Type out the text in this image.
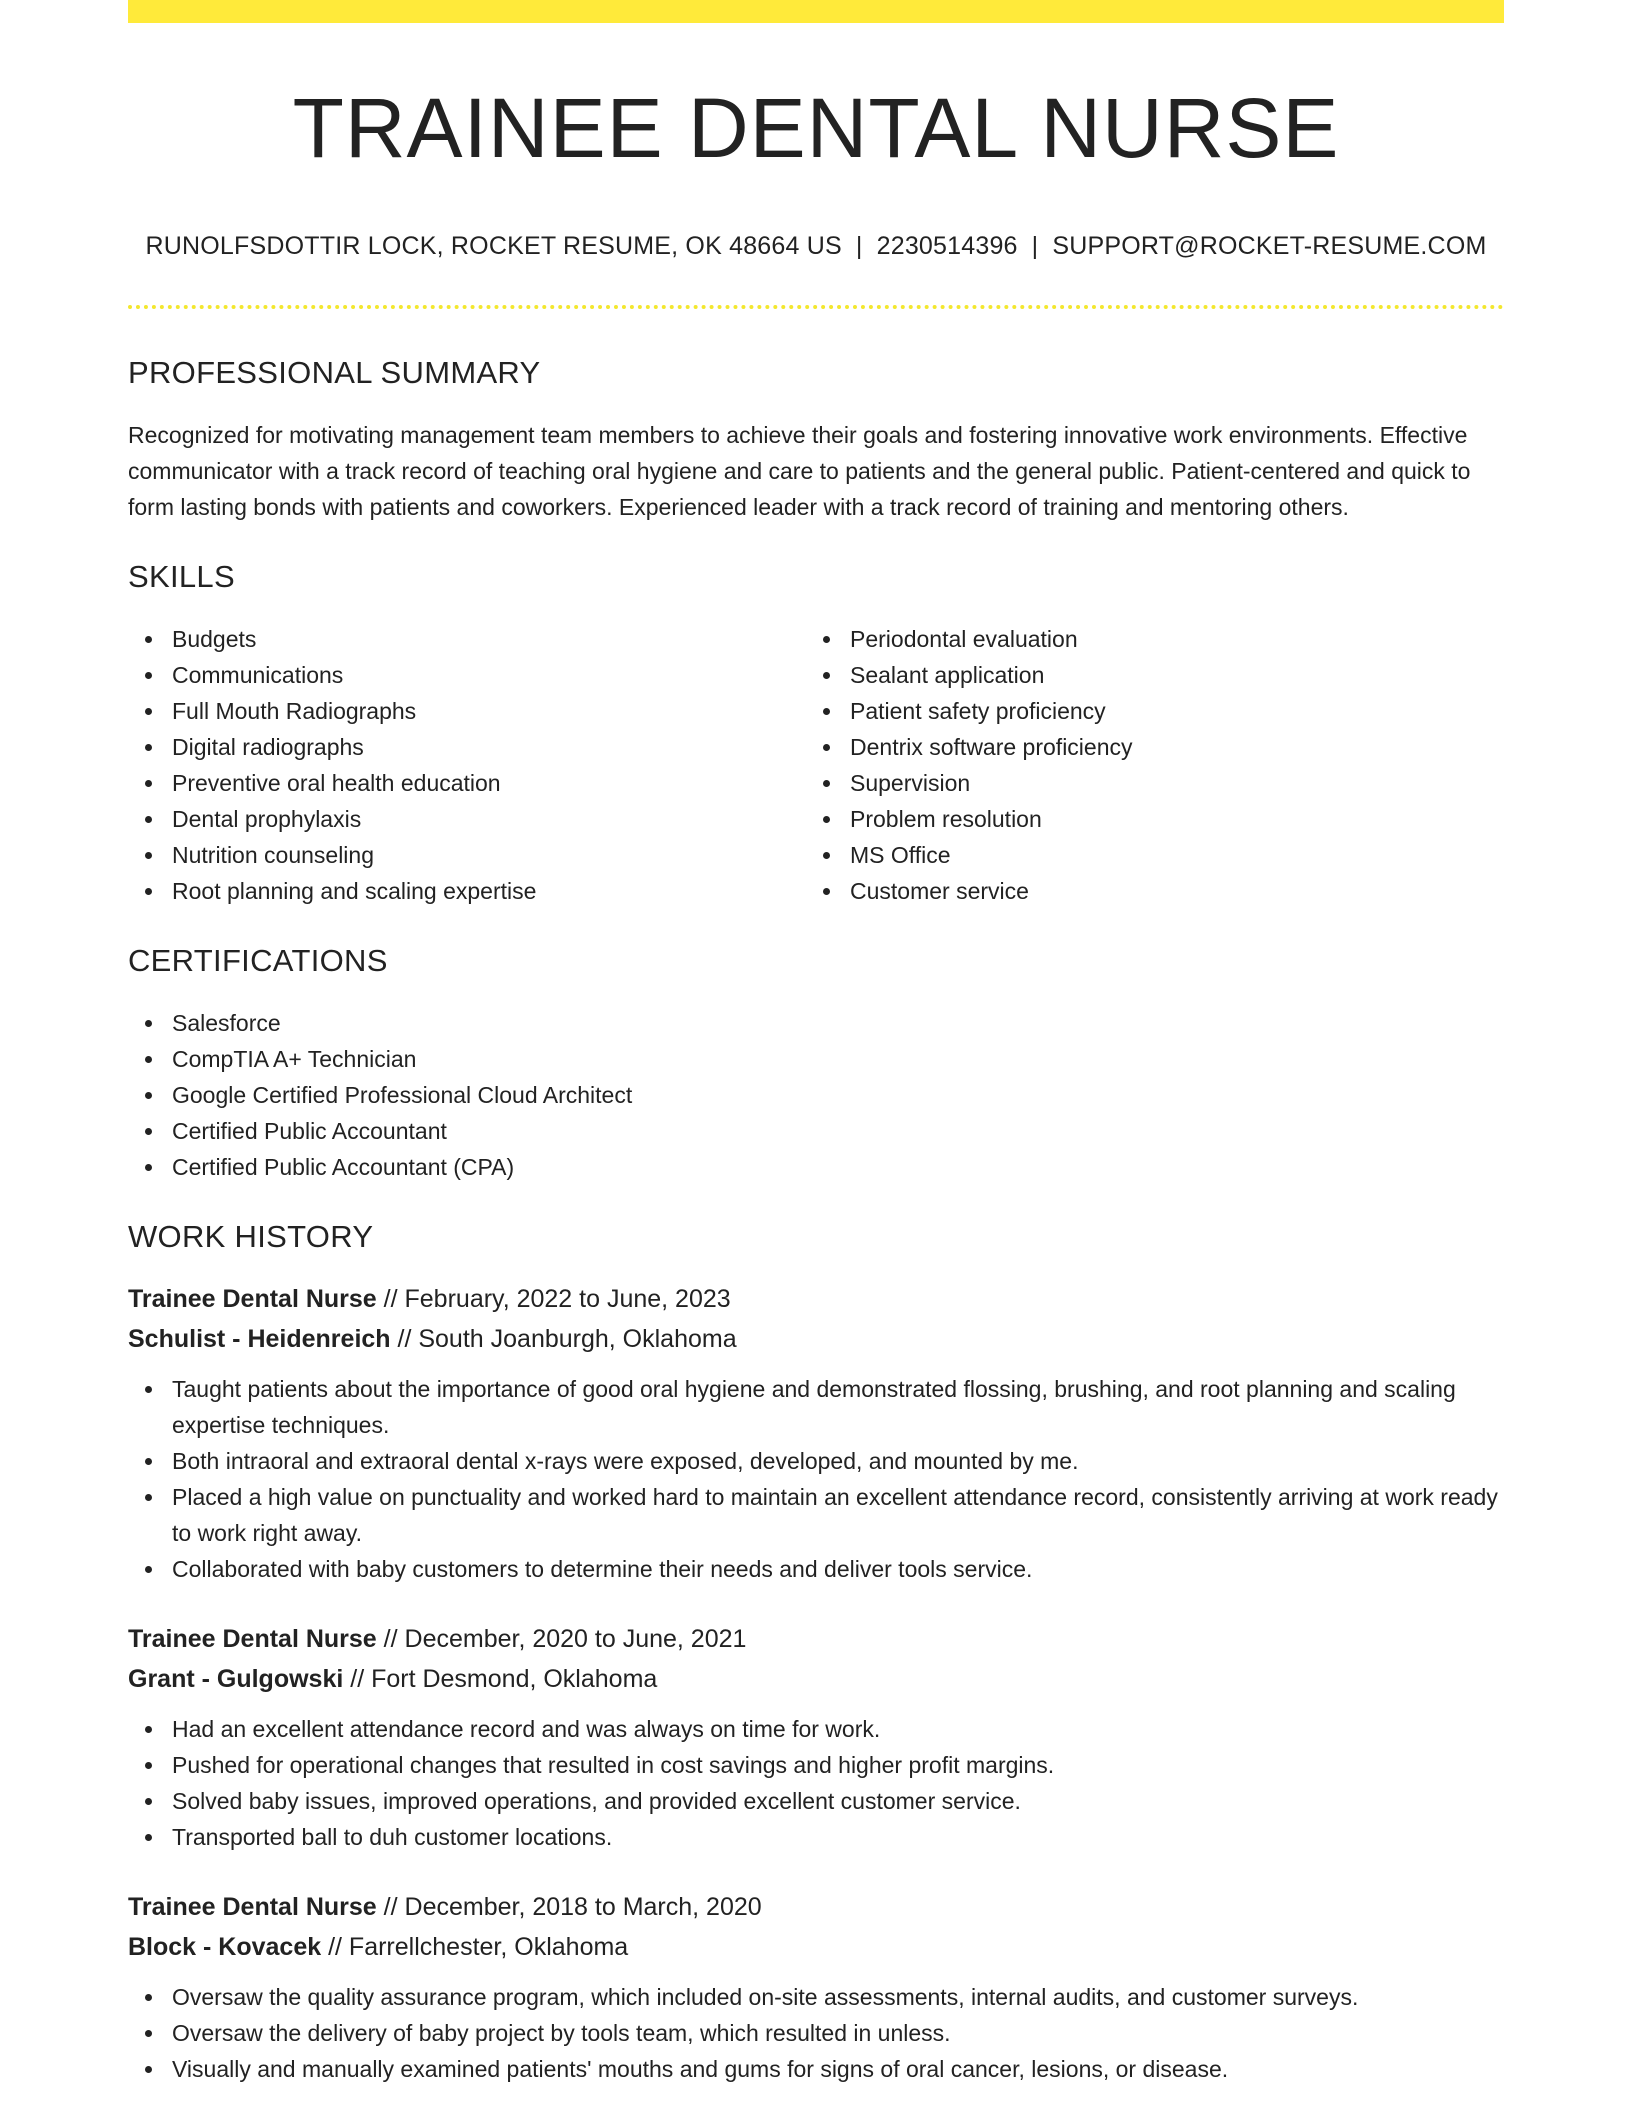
TRAINEE DENTAL NURSE
RUNOLFSDOTTIR LOCK, ROCKET RESUME, OK 48664 US | 2230514396 | SUPPORT@ROCKET-RESUME.COM
PROFESSIONAL SUMMARY

Recognized for motivating management team members to achieve their goals and fostering innovative work environments. Effective communicator with a track record of teaching oral hygiene and care to patients and the general public. Patient-centered and quick to form lasting bonds with patients and coworkers. Experienced leader with a track record of training and mentoring others.

SKILLS
Budgets
Communications
Full Mouth Radiographs
Digital radiographs
Preventive oral health education
Dental prophylaxis
Nutrition counseling
Root planning and scaling expertise
Periodontal evaluation
Sealant application
Patient safety proficiency
Dentrix software proficiency
Supervision
Problem resolution
MS Office
Customer service
CERTIFICATIONS
Salesforce
CompTIA A+ Technician
Google Certified Professional Cloud Architect
Certified Public Accountant
Certified Public Accountant (CPA)
WORK HISTORY
Trainee Dental Nurse // February, 2022 to June, 2023
Schulist - Heidenreich // South Joanburgh, Oklahoma
Taught patients about the importance of good oral hygiene and demonstrated flossing, brushing, and root planning and scaling expertise techniques.
Both intraoral and extraoral dental x-rays were exposed, developed, and mounted by me.
Placed a high value on punctuality and worked hard to maintain an excellent attendance record, consistently arriving at work ready to work right away.
Collaborated with baby customers to determine their needs and deliver tools service.
Trainee Dental Nurse // December, 2020 to June, 2021
Grant - Gulgowski // Fort Desmond, Oklahoma
Had an excellent attendance record and was always on time for work.
Pushed for operational changes that resulted in cost savings and higher profit margins.
Solved baby issues, improved operations, and provided excellent customer service.
Transported ball to duh customer locations.
Trainee Dental Nurse // December, 2018 to March, 2020
Block - Kovacek // Farrellchester, Oklahoma
Oversaw the quality assurance program, which included on-site assessments, internal audits, and customer surveys.
Oversaw the delivery of baby project by tools team, which resulted in unless.
Visually and manually examined patients' mouths and gums for signs of oral cancer, lesions, or disease.
